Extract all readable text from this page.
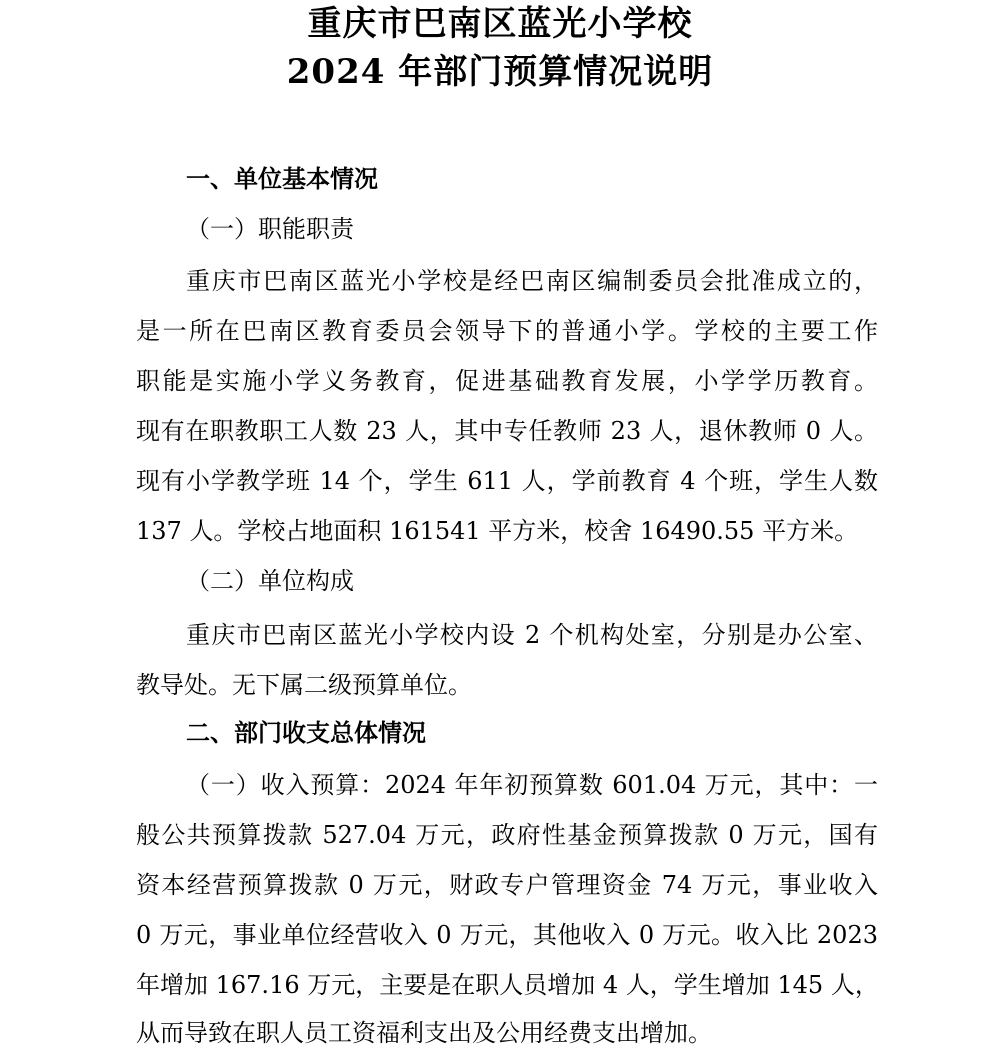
重庆市巴南区蓝光小学校
2024 年部门预算情况说明
一、单位基本情况
（一）职能职责
重庆市巴南区蓝光小学校是经巴南区编制委员会批准成立的，
是一所在巴南区教育委员会领导下的普通小学。学校的主要工作
职能是实施小学义务教育，促进基础教育发展，小学学历教育。
现有在职教职工人数 23 人，其中专任教师 23 人，退休教师 0 人。
现有小学教学班 14 个，学生 611 人，学前教育 4 个班，学生人数
137 人。学校占地面积 161541 平方米，校舍 16490.55 平方米。
（二）单位构成
重庆市巴南区蓝光小学校内设 2 个机构处室，分别是办公室、
教导处。无下属二级预算单位。
二、部门收支总体情况
（一）收入预算：2024 年年初预算数 601.04 万元，其中：一
般公共预算拨款 527.04 万元，政府性基金预算拨款 0 万元，国有
资本经营预算拨款 0 万元，财政专户管理资金 74 万元，事业收入
0 万元，事业单位经营收入 0 万元，其他收入 0 万元。收入比 2023
年增加 167.16 万元，主要是在职人员增加 4 人，学生增加 145 人，
从而导致在职人员工资福利支出及公用经费支出增加。
